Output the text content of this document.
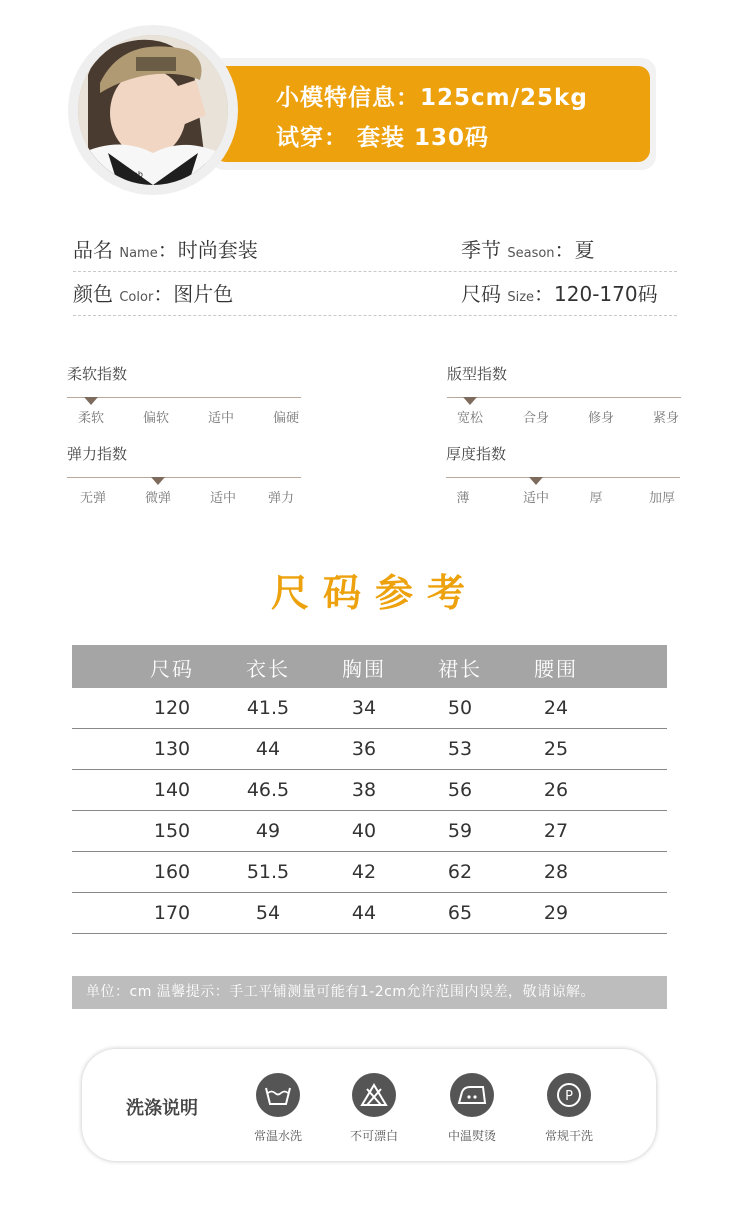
小模特信息：125cm/25kg
试穿： 套装 130码
ab
品名 Name：时尚套装	季节 Season：夏
颜色 Color：图片色	尺码 Size：120-170码
柔软指数
柔软	偏软	适中	偏硬
版型指数
宽松	合身	修身	紧身
弹力指数
无弹	微弹	适中	弹力
厚度指数
薄	适中	厚	加厚
尺码参考
尺码	衣长	胸围	裙长	腰围
120	41.5	34	50	24
130	44	36	53	25
140	46.5	38	56	26
150	49	40	59	27
160	51.5	42	62	28
170	54	44	65	29
单位：cm 温馨提示：手工平铺测量可能有1-2cm允许范围内误差，敬请谅解。
洗涤说明
常温水洗	不可漂白	中温熨烫
P
常规干洗
